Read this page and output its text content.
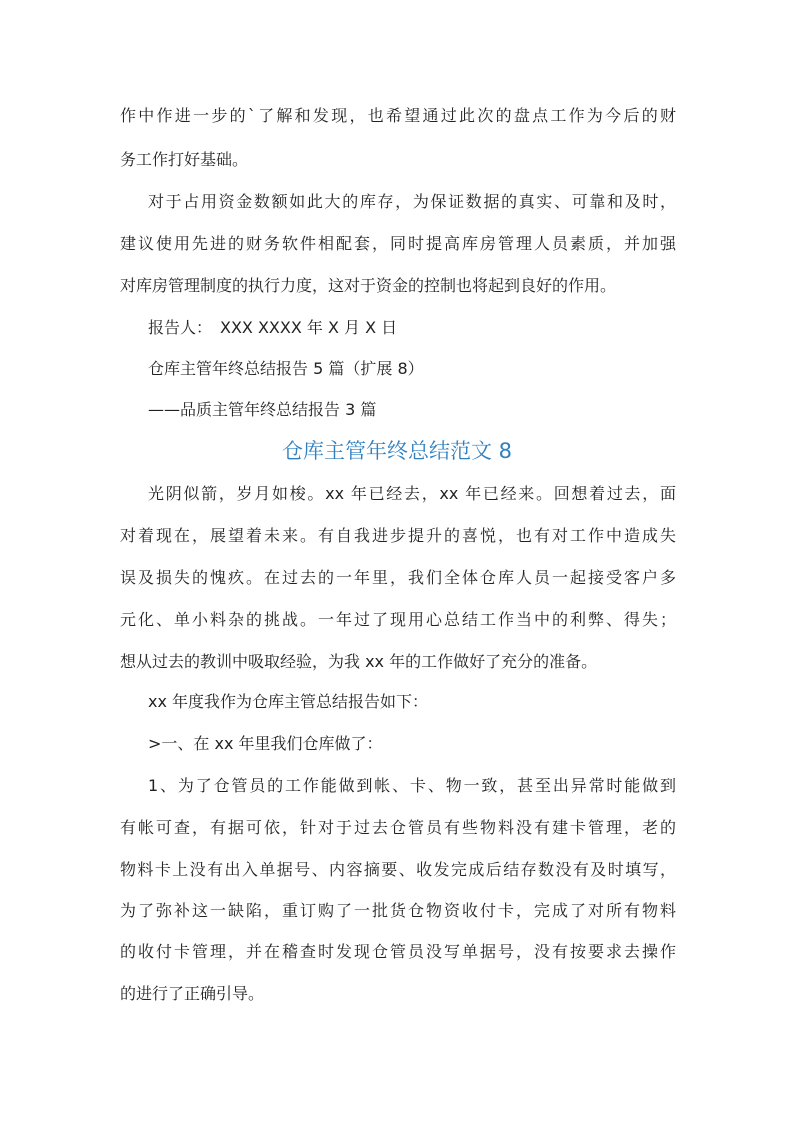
作中作进一步的`了解和发现，也希望通过此次的盘点工作为今后的财
务工作打好基础。
对于占用资金数额如此大的库存，为保证数据的真实、可靠和及时，
建议使用先进的财务软件相配套，同时提高库房管理人员素质，并加强
对库房管理制度的执行力度，这对于资金的控制也将起到良好的作用。
报告人：　XXX XXXX 年 X 月 X 日
仓库主管年终总结报告 5 篇（扩展 8）
——品质主管年终总结报告 3 篇
仓库主管年终总结范文 8
光阴似箭，岁月如梭。xx 年已经去，xx 年已经来。回想着过去，面
对着现在，展望着未来。有自我进步提升的喜悦，也有对工作中造成失
误及损失的愧疚。在过去的一年里，我们全体仓库人员一起接受客户多
元化、单小料杂的挑战。一年过了现用心总结工作当中的利弊、得失；
想从过去的教训中吸取经验，为我 xx 年的工作做好了充分的准备。
xx 年度我作为仓库主管总结报告如下：
>一、在 xx 年里我们仓库做了：
1、为了仓管员的工作能做到帐、卡、物一致，甚至出异常时能做到
有帐可查，有据可依，针对于过去仓管员有些物料没有建卡管理，老的
物料卡上没有出入单据号、内容摘要、收发完成后结存数没有及时填写，
为了弥补这一缺陷，重订购了一批货仓物资收付卡，完成了对所有物料
的收付卡管理，并在稽查时发现仓管员没写单据号，没有按要求去操作
的进行了正确引导。
